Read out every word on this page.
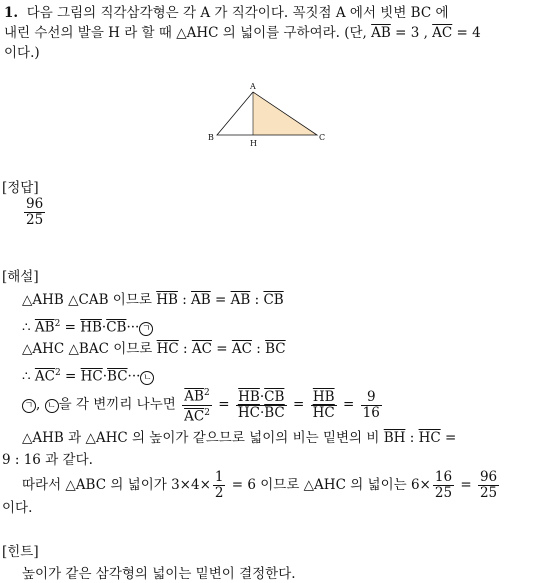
1. 다음 그림의 직각삼각형은 각 A 가 직각이다. 꼭짓점 A 에서 빗변 BC 에
내린 수선의 발을 H 라 할 때 △AHC 의 넓이를 구하여라. (단, $\overline{AB} = 3$ , $\overline{AC} = 4$
이다.)
A
B
H
C
[정답]
$\frac{96}{25}$
[해설]
△AHB △CAB 이므로 $\overline{HB}$ : $\overline{AB} = \overline{AB}$ : $\overline{CB}$
∴ $\overline{AB}^2 = \overline{HB}\cdot\overline{CB}\cdot\cdot\cdot$ ㄱ
△AHC △BAC 이므로 $\overline{HC}$ : $\overline{AC} = \overline{AC}$ : $\overline{BC}$
∴ $\overline{AC}^2 = \overline{HC}\cdot\overline{BC}\cdot\cdot\cdot$ ㄴ
ㄱ , ㄴ 을 각 변끼리 나누면 $\frac{\overline{AB}^2}{\overline{AC}^2} = \frac{\overline{HB}\cdot\overline{CB}}{\overline{HC}\cdot\overline{BC}} = \frac{\overline{HB}}{HC} = \frac{9}{16}$
△AHB 과 △AHC 의 높이가 같으므로 넓이의 비는 밑변의 비 $\overline{BH}$ : $\overline{HC}$ =
9 : 16 과 같다.
따라서 △ABC 의 넓이가 $3\times 4\times \frac{1}{2} = 6$ 이므로 △AHC 의 넓이는 $6\times \frac{16}{25} = \frac{96}{25}$
이다.
[힌트]
높이가 같은 삼각형의 넓이는 밑변이 결정한다.
